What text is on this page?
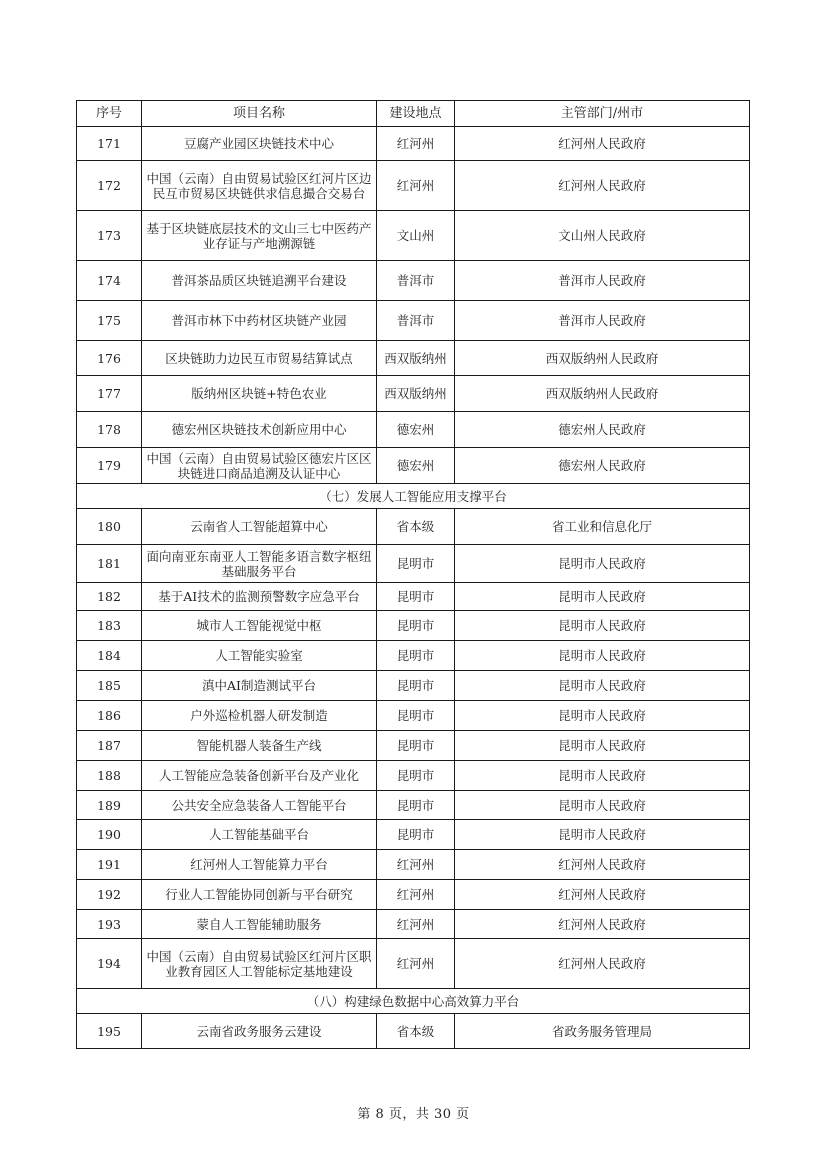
序号	项目名称	建设地点	主管部门/州市
171	豆腐产业园区块链技术中心	红河州	红河州人民政府
172	中国（云南）自由贸易试验区红河片区边民互市贸易区块链供求信息撮合交易台	红河州	红河州人民政府
173	基于区块链底层技术的文山三七中医药产业存证与产地溯源链	文山州	文山州人民政府
174	普洱茶品质区块链追溯平台建设	普洱市	普洱市人民政府
175	普洱市林下中药材区块链产业园	普洱市	普洱市人民政府
176	区块链助力边民互市贸易结算试点	西双版纳州	西双版纳州人民政府
177	版纳州区块链+特色农业	西双版纳州	西双版纳州人民政府
178	德宏州区块链技术创新应用中心	德宏州	德宏州人民政府
179	中国（云南）自由贸易试验区德宏片区区块链进口商品追溯及认证中心	德宏州	德宏州人民政府
（七）发展人工智能应用支撑平台			
180	云南省人工智能超算中心	省本级	省工业和信息化厅
181	面向南亚东南亚人工智能多语言数字枢纽基础服务平台	昆明市	昆明市人民政府
182	基于AI技术的监测预警数字应急平台	昆明市	昆明市人民政府
183	城市人工智能视觉中枢	昆明市	昆明市人民政府
184	人工智能实验室	昆明市	昆明市人民政府
185	滇中AI制造测试平台	昆明市	昆明市人民政府
186	户外巡检机器人研发制造	昆明市	昆明市人民政府
187	智能机器人装备生产线	昆明市	昆明市人民政府
188	人工智能应急装备创新平台及产业化	昆明市	昆明市人民政府
189	公共安全应急装备人工智能平台	昆明市	昆明市人民政府
190	人工智能基础平台	昆明市	昆明市人民政府
191	红河州人工智能算力平台	红河州	红河州人民政府
192	行业人工智能协同创新与平台研究	红河州	红河州人民政府
193	蒙自人工智能辅助服务	红河州	红河州人民政府
194	中国（云南）自由贸易试验区红河片区职业教育园区人工智能标定基地建设	红河州	红河州人民政府
（八）构建绿色数据中心高效算力平台			
195	云南省政务服务云建设	省本级	省政务服务管理局
第 8 页，共 30 页
